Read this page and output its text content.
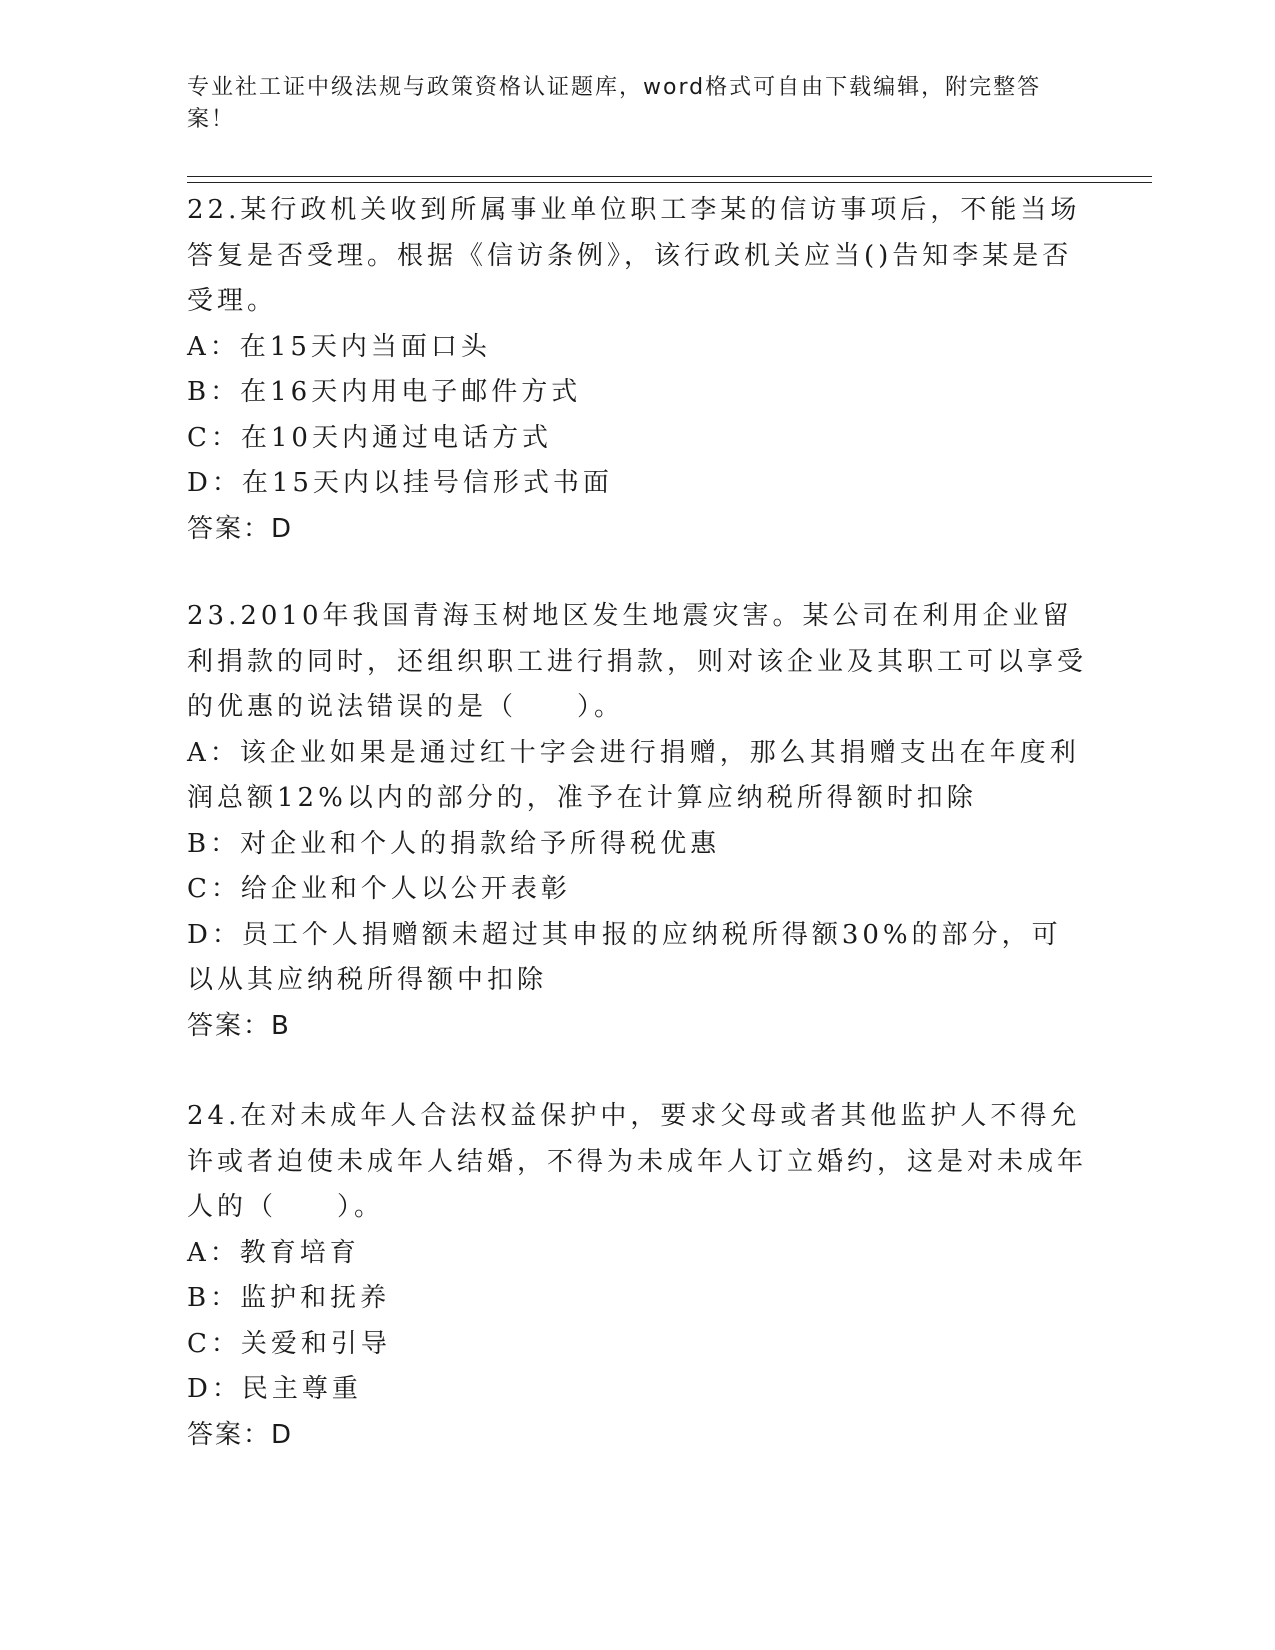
专业社工证中级法规与政策资格认证题库，word格式可自由下载编辑，附完整答案！

22.某行政机关收到所属事业单位职工李某的信访事项后，不能当场答复是否受理。根据《信访条例》，该行政机关应当()告知李某是否受理。

A：在15天内当面口头

B：在16天内用电子邮件方式

C：在10天内通过电话方式

D：在15天内以挂号信形式书面

答案：D

23.2010年我国青海玉树地区发生地震灾害。某公司在利用企业留利捐款的同时，还组织职工进行捐款，则对该企业及其职工可以享受的优惠的说法错误的是（　　）。

A：该企业如果是通过红十字会进行捐赠，那么其捐赠支出在年度利润总额12%以内的部分的，准予在计算应纳税所得额时扣除

B：对企业和个人的捐款给予所得税优惠

C：给企业和个人以公开表彰

D：员工个人捐赠额未超过其申报的应纳税所得额30%的部分，可以从其应纳税所得额中扣除

答案：B

24.在对未成年人合法权益保护中，要求父母或者其他监护人不得允许或者迫使未成年人结婚，不得为未成年人订立婚约，这是对未成年人的（　　）。

A：教育培育

B：监护和抚养

C：关爱和引导

D：民主尊重

答案：D
